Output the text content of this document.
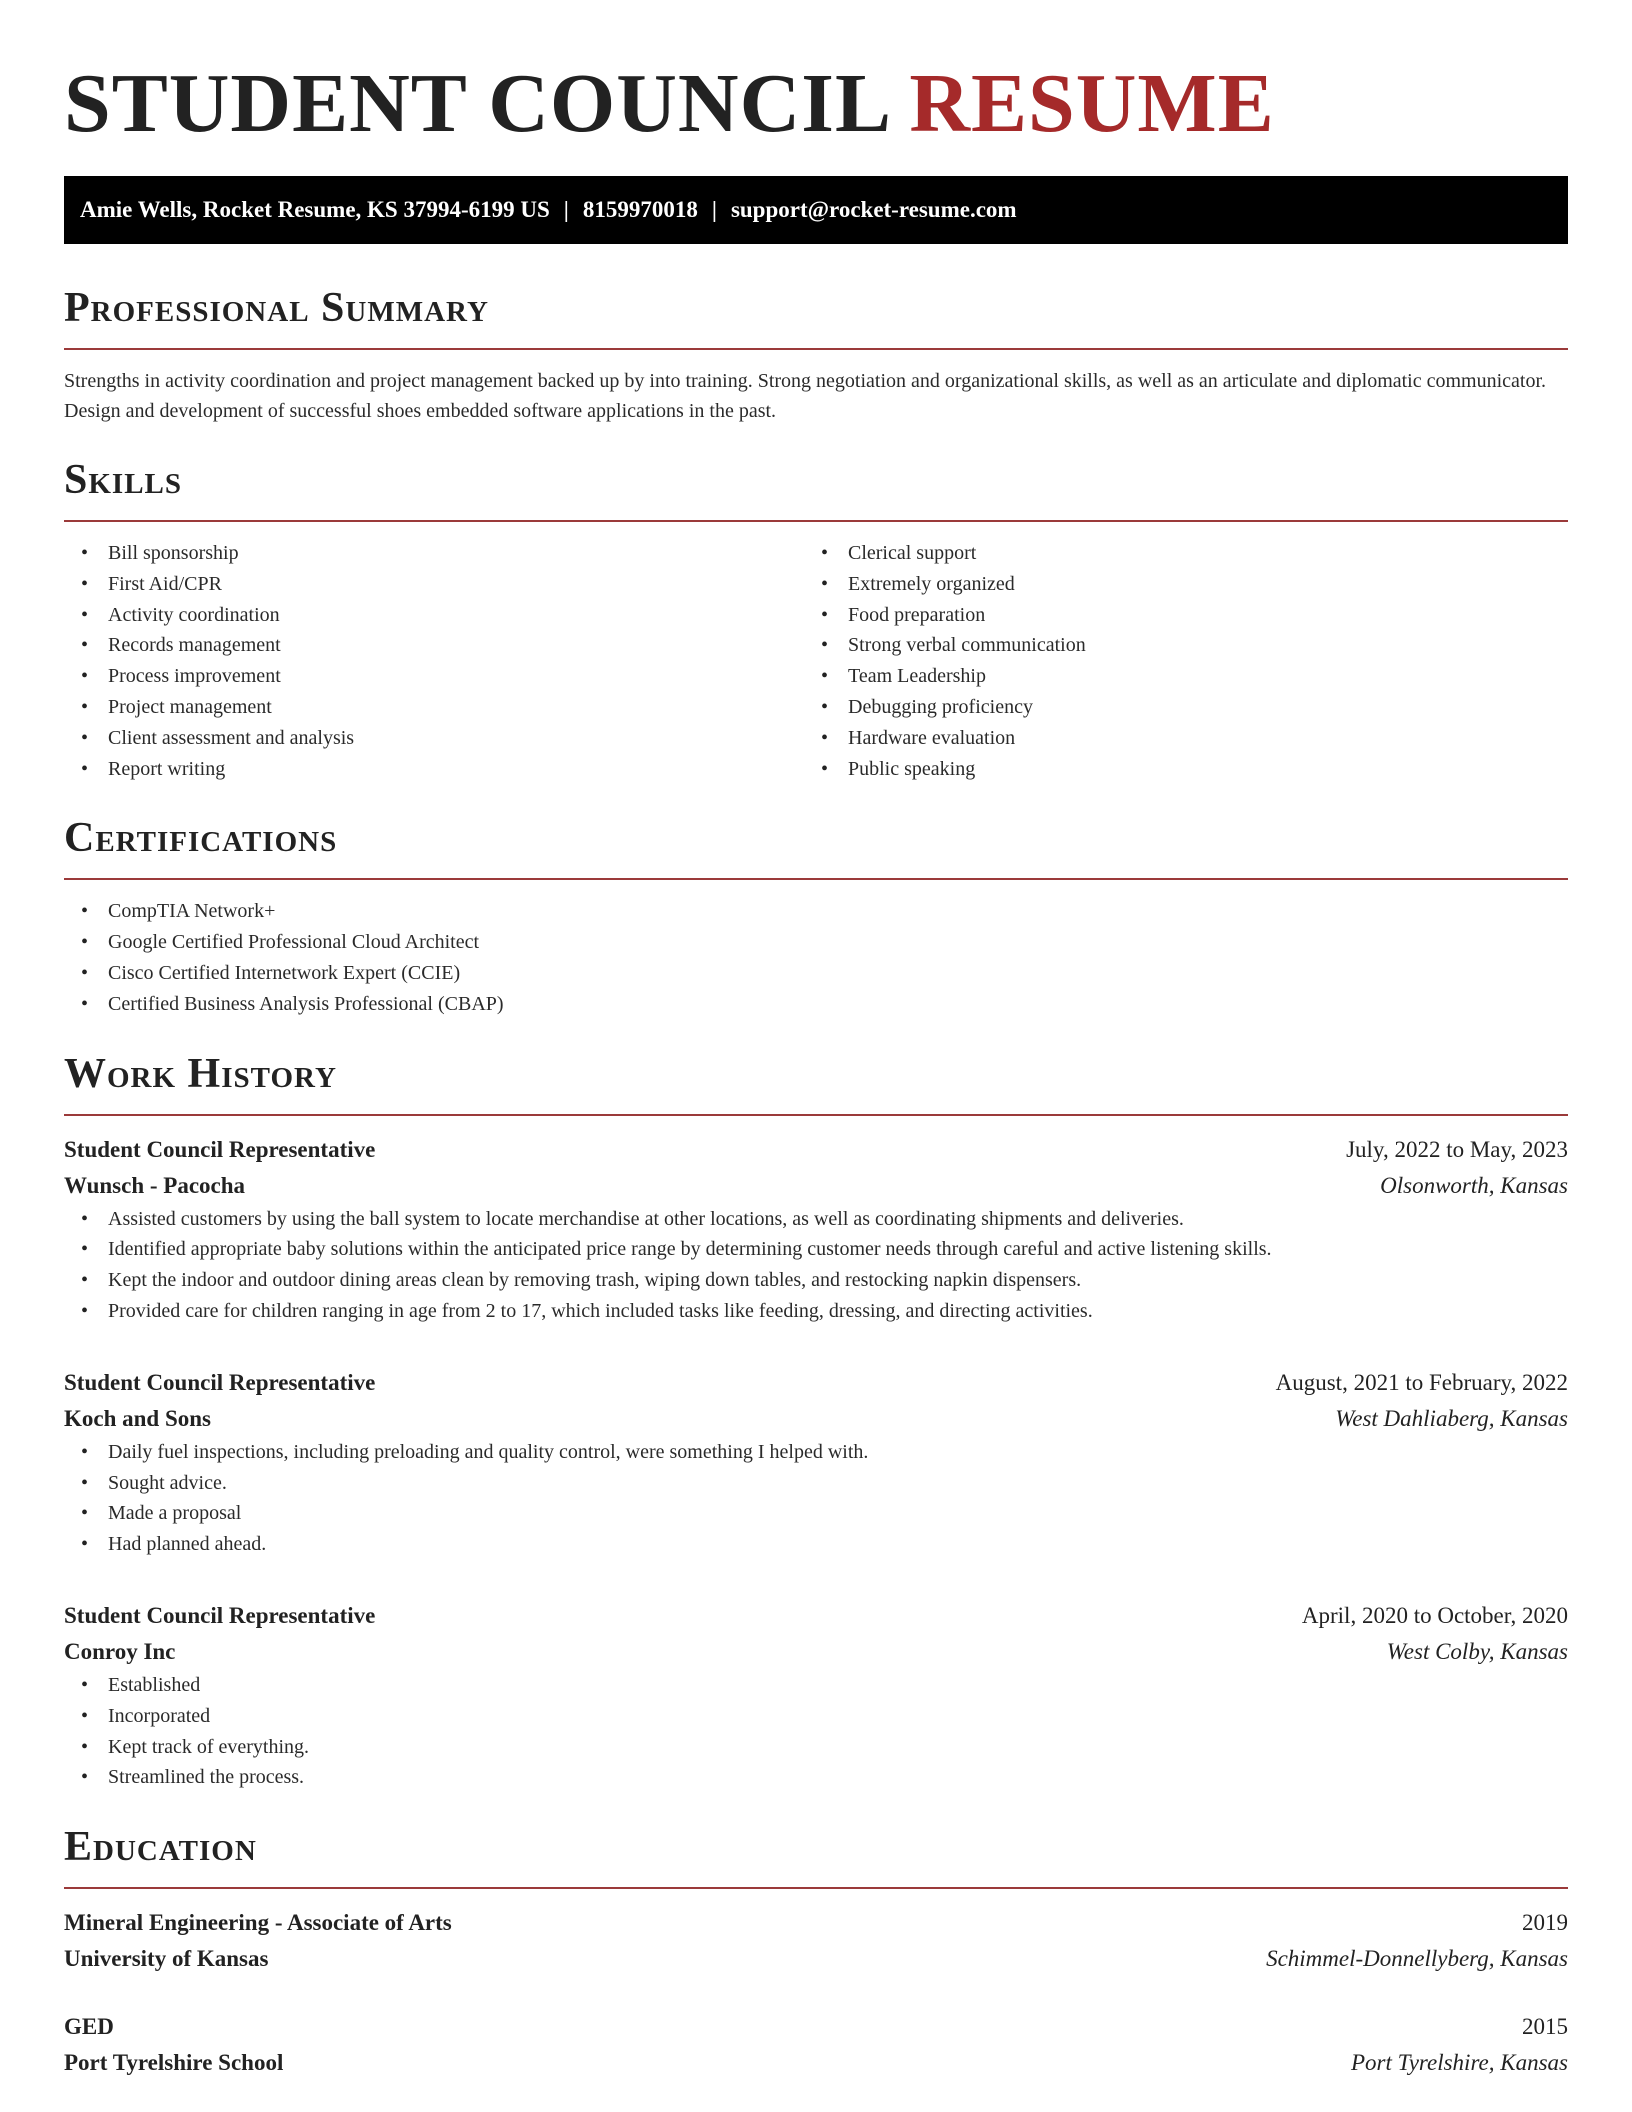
STUDENT COUNCIL RESUME
Amie Wells, Rocket Resume, KS 37994-6199 US | 8159970018 | support@rocket-resume.com
Professional Summary

Strengths in activity coordination and project management backed up by into training. Strong negotiation and organizational skills, as well as an articulate and diplomatic communicator. Design and development of successful shoes embedded software applications in the past.

Skills
• Bill sponsorship
• First Aid/CPR
• Activity coordination
• Records management
• Process improvement
• Project management
• Client assessment and analysis
• Report writing
• Clerical support
• Extremely organized
• Food preparation
• Strong verbal communication
• Team Leadership
• Debugging proficiency
• Hardware evaluation
• Public speaking
Certifications
• CompTIA Network+
• Google Certified Professional Cloud Architect
• Cisco Certified Internetwork Expert (CCIE)
• Certified Business Analysis Professional (CBAP)
Work History
Student Council Representative	July, 2022 to May, 2023
Wunsch - Pacocha	Olsonworth, Kansas
• Assisted customers by using the ball system to locate merchandise at other locations, as well as coordinating shipments and deliveries.
• Identified appropriate baby solutions within the anticipated price range by determining customer needs through careful and active listening skills.
• Kept the indoor and outdoor dining areas clean by removing trash, wiping down tables, and restocking napkin dispensers.
• Provided care for children ranging in age from 2 to 17, which included tasks like feeding, dressing, and directing activities.
Student Council Representative	August, 2021 to February, 2022
Koch and Sons	West Dahliaberg, Kansas
• Daily fuel inspections, including preloading and quality control, were something I helped with.
• Sought advice.
• Made a proposal
• Had planned ahead.
Student Council Representative	April, 2020 to October, 2020
Conroy Inc	West Colby, Kansas
• Established
• Incorporated
• Kept track of everything.
• Streamlined the process.
Education
Mineral Engineering - Associate of Arts	2019
University of Kansas	Schimmel-Donnellyberg, Kansas
GED	2015
Port Tyrelshire School	Port Tyrelshire, Kansas
